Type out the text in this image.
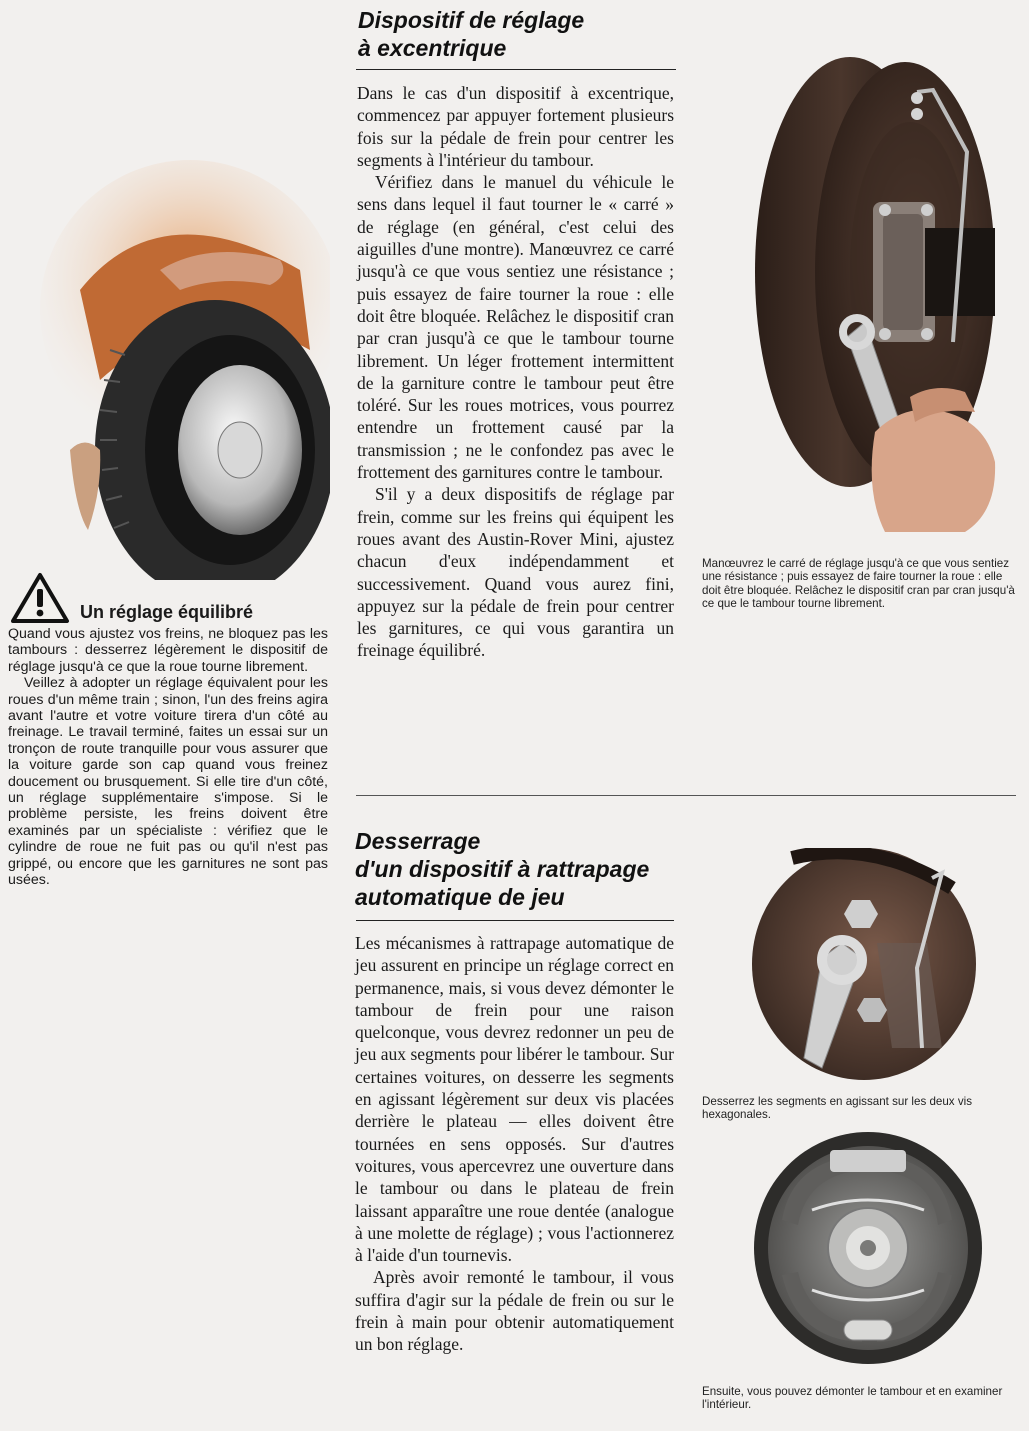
Un réglage équilibré

Quand vous ajustez vos freins, ne bloquez pas les tambours : desserrez légèrement le dispositif de réglage jusqu'à ce que la roue tourne librement.

Veillez à adopter un réglage équivalent pour les roues d'un même train ; sinon, l'un des freins agira avant l'autre et votre voiture tirera d'un côté au freinage. Le travail terminé, faites un essai sur un tronçon de route tranquille pour vous assurer que la voiture garde son cap quand vous freinez doucement ou brusquement. Si elle tire d'un côté, un réglage supplémentaire s'impose. Si le problème persiste, les freins doivent être examinés par un spécialiste : vérifiez que le cylindre de roue ne fuit pas ou qu'il n'est pas grippé, ou encore que les garnitures ne sont pas usées.

Dispositif de réglage
à excentrique

Dans le cas d'un dispositif à excentrique, commencez par appuyer fortement plusieurs fois sur la pédale de frein pour centrer les segments à l'intérieur du tambour.

Vérifiez dans le manuel du véhicule le sens dans lequel il faut tourner le « carré » de réglage (en général, c'est celui des aiguilles d'une montre). Manœuvrez ce carré jusqu'à ce que vous sentiez une résistance ; puis essayez de faire tourner la roue : elle doit être bloquée. Relâchez le dispositif cran par cran jusqu'à ce que le tambour tourne librement. Un léger frottement intermittent de la garniture contre le tambour peut être toléré. Sur les roues motrices, vous pourrez entendre un frottement causé par la transmission ; ne le confondez pas avec le frottement des garnitures contre le tambour.

S'il y a deux dispositifs de réglage par frein, comme sur les freins qui équipent les roues avant des Austin-Rover Mini, ajustez chacun d'eux indépendamment et successivement. Quand vous aurez fini, appuyez sur la pédale de frein pour centrer les garnitures, ce qui vous garantira un freinage équilibré.

Manœuvrez le carré de réglage jusqu'à ce que vous sentiez une résistance ; puis essayez de faire tourner la roue : elle doit être bloquée. Relâchez le dispositif cran par cran jusqu'à ce que le tambour tourne librement.
Desserrage
d'un dispositif à rattrapage
automatique de jeu

Les mécanismes à rattrapage automatique de jeu assurent en principe un réglage correct en permanence, mais, si vous devez démonter le tambour de frein pour une raison quelconque, vous devrez redonner un peu de jeu aux segments pour libérer le tambour. Sur certaines voitures, on desserre les segments en agissant légèrement sur deux vis placées derrière le plateau — elles doivent être tournées en sens opposés. Sur d'autres voitures, vous apercevrez une ouverture dans le tambour ou dans le plateau de frein laissant apparaître une roue dentée (analogue à une molette de réglage) ; vous l'actionnerez à l'aide d'un tournevis.

Après avoir remonté le tambour, il vous suffira d'agir sur la pédale de frein ou sur le frein à main pour obtenir automatiquement un bon réglage.

Desserrez les segments en agissant sur les deux vis hexagonales.
Ensuite, vous pouvez démonter le tambour et en examiner l'intérieur.
